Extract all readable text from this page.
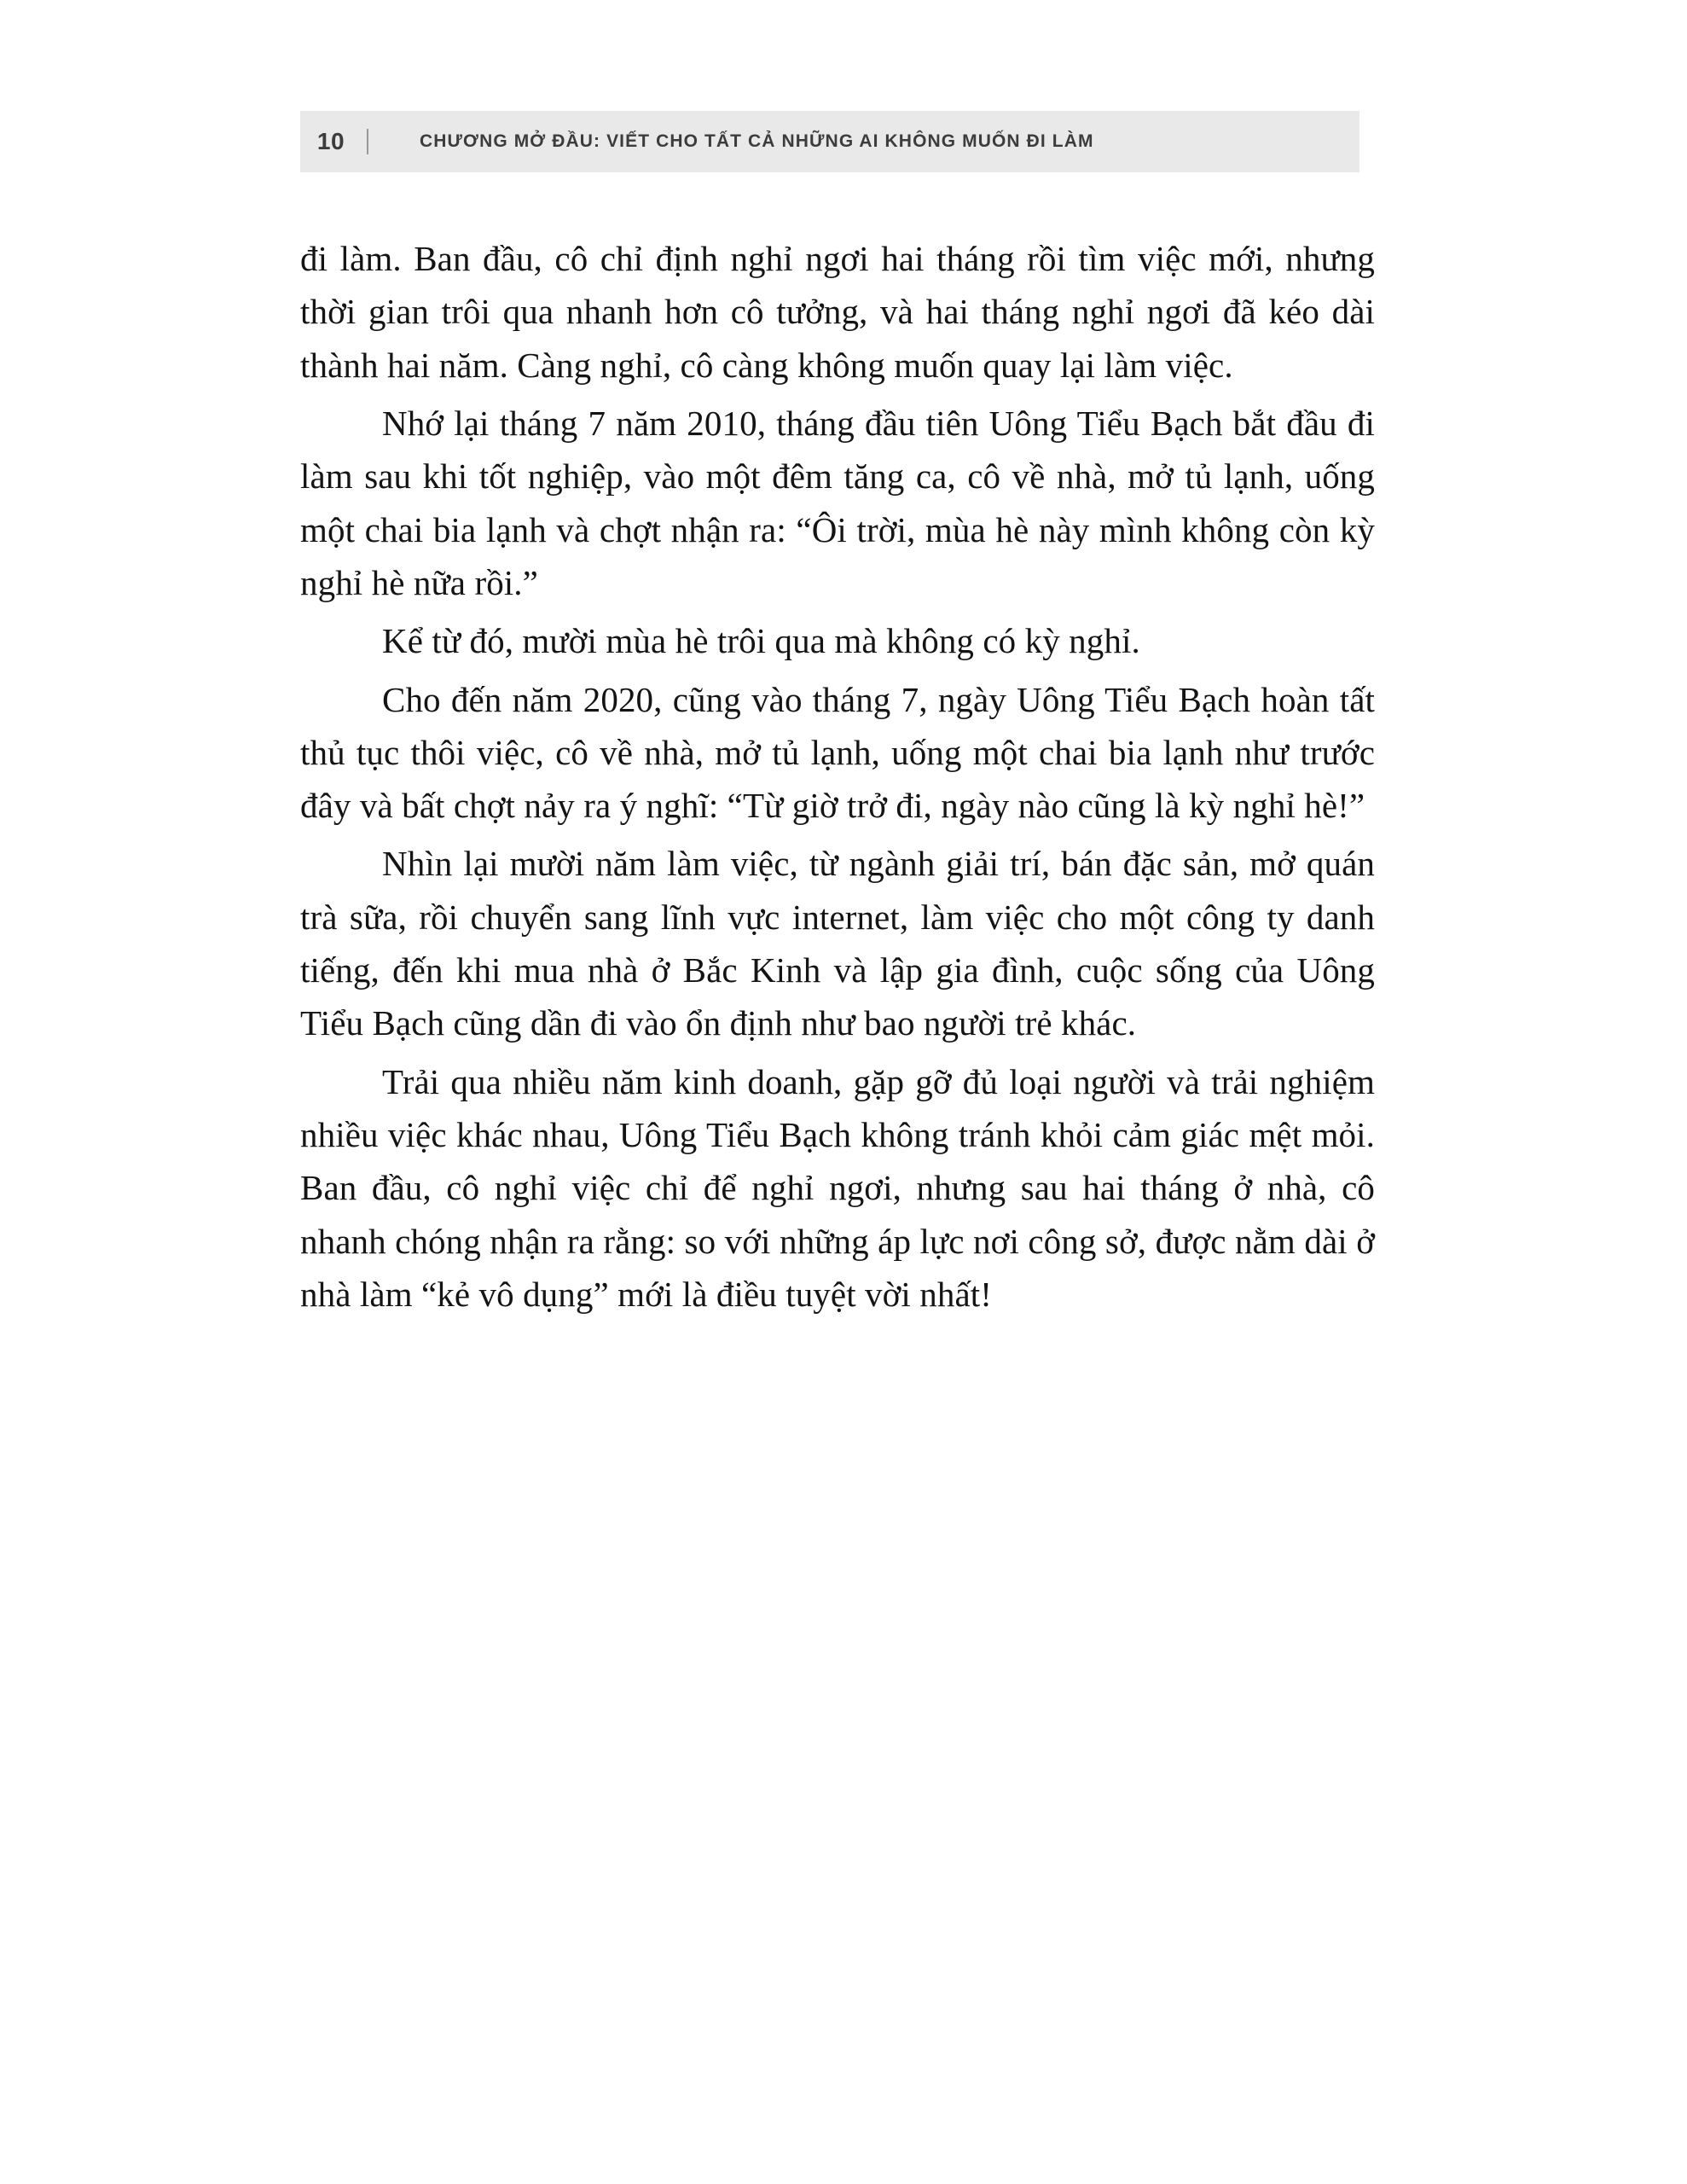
10	CHƯƠNG MỞ ĐẦU: VIẾT CHO TẤT CẢ NHỮNG AI KHÔNG MUỐN ĐI LÀM

đi làm. Ban đầu, cô chỉ định nghỉ ngơi hai tháng rồi tìm việc mới, nhưng thời gian trôi qua nhanh hơn cô tưởng, và hai tháng nghỉ ngơi đã kéo dài thành hai năm. Càng nghỉ, cô càng không muốn quay lại làm việc.

Nhớ lại tháng 7 năm 2010, tháng đầu tiên Uông Tiểu Bạch bắt đầu đi làm sau khi tốt nghiệp, vào một đêm tăng ca, cô về nhà, mở tủ lạnh, uống một chai bia lạnh và chợt nhận ra: “Ôi trời, mùa hè này mình không còn kỳ nghỉ hè nữa rồi.”

Kể từ đó, mười mùa hè trôi qua mà không có kỳ nghỉ.

Cho đến năm 2020, cũng vào tháng 7, ngày Uông Tiểu Bạch hoàn tất thủ tục thôi việc, cô về nhà, mở tủ lạnh, uống một chai bia lạnh như trước đây và bất chợt nảy ra ý nghĩ: “Từ giờ trở đi, ngày nào cũng là kỳ nghỉ hè!”

Nhìn lại mười năm làm việc, từ ngành giải trí, bán đặc sản, mở quán trà sữa, rồi chuyển sang lĩnh vực internet, làm việc cho một công ty danh tiếng, đến khi mua nhà ở Bắc Kinh và lập gia đình, cuộc sống của Uông Tiểu Bạch cũng dần đi vào ổn định như bao người trẻ khác.

Trải qua nhiều năm kinh doanh, gặp gỡ đủ loại người và trải nghiệm nhiều việc khác nhau, Uông Tiểu Bạch không tránh khỏi cảm giác mệt mỏi. Ban đầu, cô nghỉ việc chỉ để nghỉ ngơi, nhưng sau hai tháng ở nhà, cô nhanh chóng nhận ra rằng: so với những áp lực nơi công sở, được nằm dài ở nhà làm “kẻ vô dụng” mới là điều tuyệt vời nhất!
